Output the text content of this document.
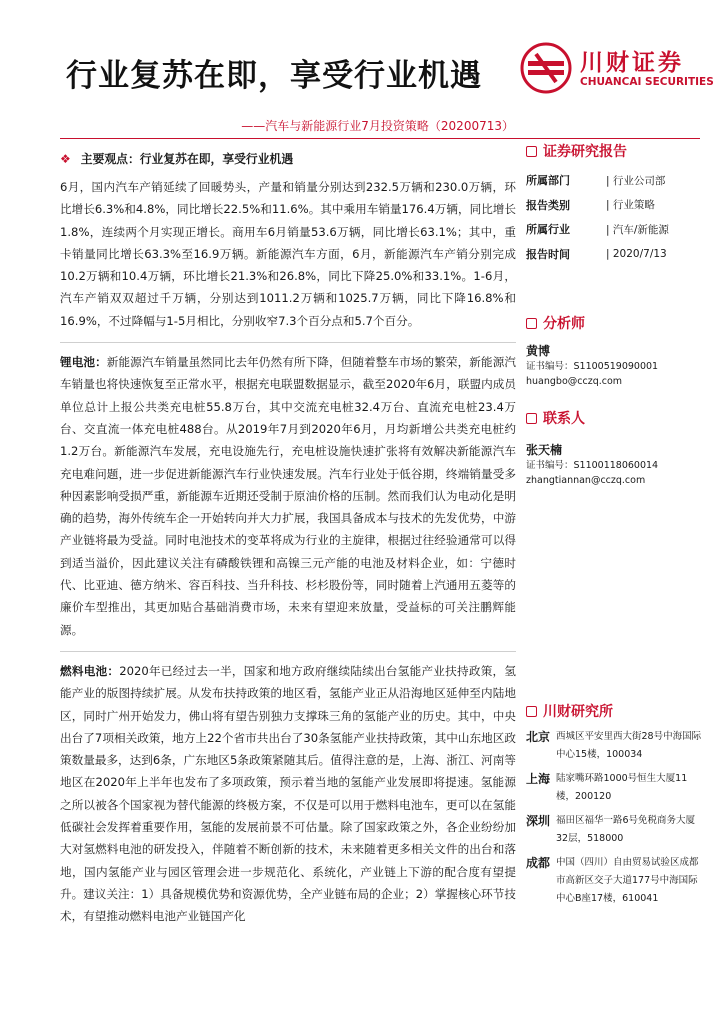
行业复苏在即，享受行业机遇	川财证券
CHUANCAI SECURITIES
——汽车与新能源行业7月投资策略（20200713）
❖ 主要观点：行业复苏在即，享受行业机遇

6月，国内汽车产销延续了回暖势头，产量和销量分别达到232.5万辆和230.0万辆，环比增长6.3%和4.8%，同比增长22.5%和11.6%。其中乘用车销量176.4万辆，同比增长1.8%，连续两个月实现正增长。商用车6月销量53.6万辆，同比增长63.1%；其中，重卡销量同比增长63.3%至16.9万辆。新能源汽车方面，6月，新能源汽车产销分别完成10.2万辆和10.4万辆，环比增长21.3%和26.8%，同比下降25.0%和33.1%。1-6月，汽车产销双双超过千万辆，分别达到1011.2万辆和1025.7万辆，同比下降16.8%和16.9%，不过降幅与1-5月相比，分别收窄7.3个百分点和5.7个百分。

锂电池：新能源汽车销量虽然同比去年仍然有所下降，但随着整车市场的繁荣，新能源汽车销量也将快速恢复至正常水平，根据充电联盟数据显示，截至2020年6月，联盟内成员单位总计上报公共类充电桩55.8万台，其中交流充电桩32.4万台、直流充电桩23.4万台、交直流一体充电桩488台。从2019年7月到2020年6月，月均新增公共类充电桩约1.2万台。新能源汽车发展，充电设施先行，充电桩设施快速扩张将有效解决新能源汽车充电难问题，进一步促进新能源汽车行业快速发展。汽车行业处于低谷期，终端销量受多种因素影响受损严重，新能源车近期还受制于原油价格的压制。然而我们认为电动化是明确的趋势，海外传统车企一开始转向并大力扩展，我国具备成本与技术的先发优势，中游产业链将最为受益。同时电池技术的变革将成为行业的主旋律，根据过往经验通常可以得到适当溢价，因此建议关注有磷酸铁锂和高镍三元产能的电池及材料企业，如：宁德时代、比亚迪、德方纳米、容百科技、当升科技、杉杉股份等，同时随着上汽通用五菱等的廉价车型推出，其更加贴合基础消费市场，未来有望迎来放量，受益标的可关注鹏辉能源。

燃料电池：2020年已经过去一半，国家和地方政府继续陆续出台氢能产业扶持政策，氢能产业的版图持续扩展。从发布扶持政策的地区看，氢能产业正从沿海地区延伸至内陆地区，同时广州开始发力，佛山将有望告别独力支撑珠三角的氢能产业的历史。其中，中央出台了7项相关政策，地方上22个省市共出台了30条氢能产业扶持政策，其中山东地区政策数量最多，达到6条，广东地区5条政策紧随其后。值得注意的是，上海、浙江、河南等地区在2020年上半年也发布了多项政策，预示着当地的氢能产业发展即将提速。氢能源之所以被各个国家视为替代能源的终极方案，不仅是可以用于燃料电池车，更可以在氢能低碳社会发挥着重要作用，氢能的发展前景不可估量。除了国家政策之外，各企业纷纷加大对氢燃料电池的研发投入，伴随着不断创新的技术，未来随着更多相关文件的出台和落地，国内氢能产业与园区管理会进一步规范化、系统化，产业链上下游的配合度有望提升。建议关注：1）具备规模优势和资源优势，全产业链布局的企业；2）掌握核心环节技术，有望推动燃料电池产业链国产化

证券研究报告
所属部门	| 行业公司部
报告类别	| 行业策略
所属行业	| 汽车/新能源
报告时间	| 2020/7/13
分析师
黄博
证书编号：S1100519090001
huangbo@cczq.com
联系人
张天楠
证书编号：S1100118060014
zhangtiannan@cczq.com
川财研究所
北京 西城区平安里西大街28号中海国际中心15楼，100034
上海 陆家嘴环路1000号恒生大厦11楼，200120
深圳 福田区福华一路6号免税商务大厦32层，518000
成都 中国（四川）自由贸易试验区成都市高新区交子大道177号中海国际中心B座17楼，610041
